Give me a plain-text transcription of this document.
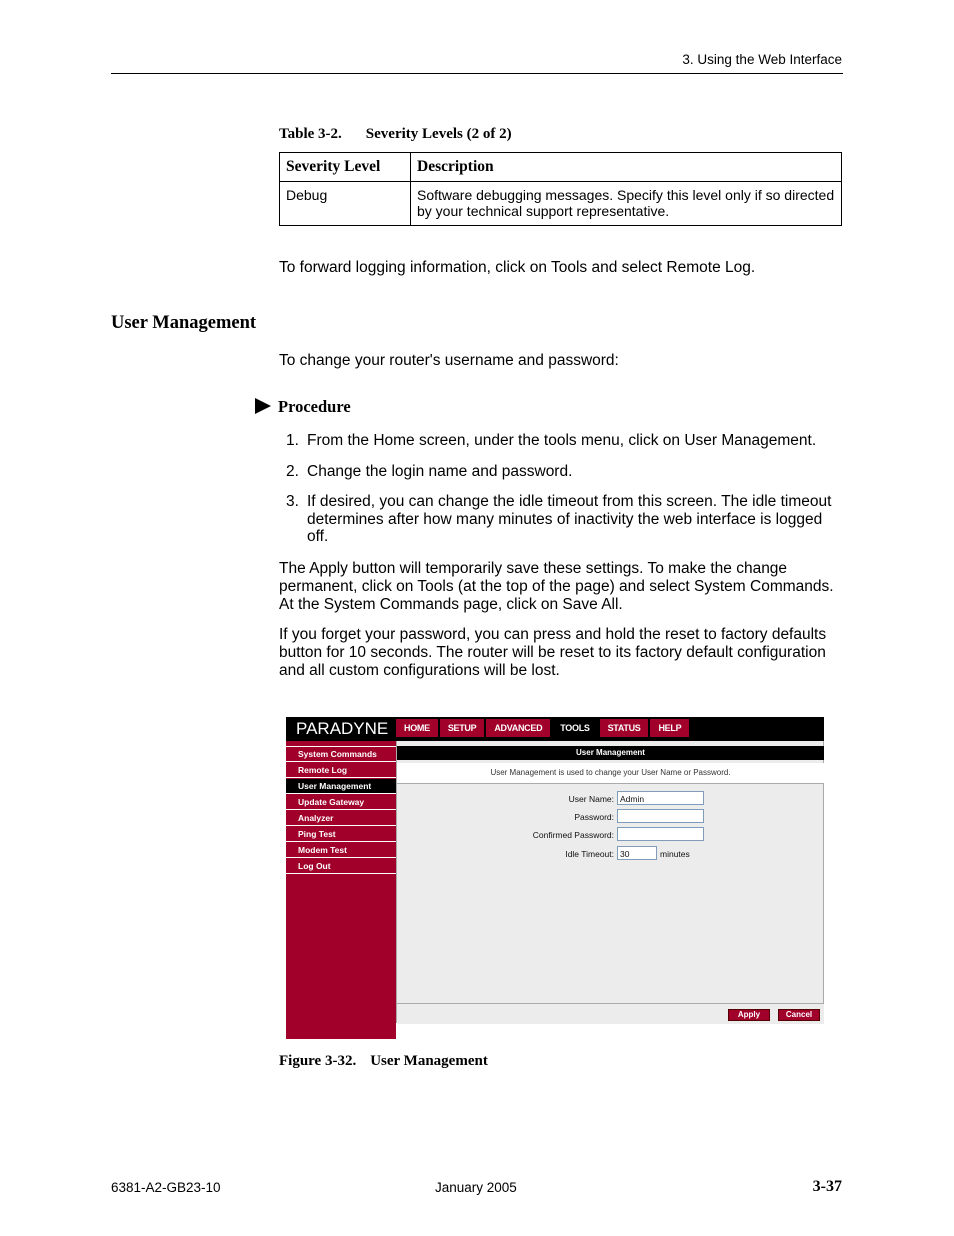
3. Using the Web Interface
Table 3-2. Severity Levels (2 of 2)
Severity Level	Description
Debug	Software debugging messages. Specify this level only if so directed by your technical support representative.
To forward logging information, click on Tools and select Remote Log.
User Management
To change your router's username and password:
Procedure
1. From the Home screen, under the tools menu, click on User Management.
2. Change the login name and password.
3. If desired, you can change the idle timeout from this screen. The idle timeout determines after how many minutes of inactivity the web interface is logged off.
The Apply button will temporarily save these settings. To make the change permanent, click on Tools (at the top of the page) and select System Commands. At the System Commands page, click on Save All.
If you forget your password, you can press and hold the reset to factory defaults button for 10 seconds. The router will be reset to its factory default configuration and all custom configurations will be lost.
PARADYNE	HOME	SETUP	ADVANCED	TOOLS	STATUS	HELP
System Commands
Remote Log
User Management
Update Gateway
Analyzer
Ping Test
Modem Test
Log Out
User Management
User Management is used to change your User Name or Password.
User Name: Admin
Password:
Confirmed Password:
Idle Timeout: 30	minutes
Apply	Cancel
Figure 3-32. User Management
6381-A2-GB23-10	January 2005	3-37
